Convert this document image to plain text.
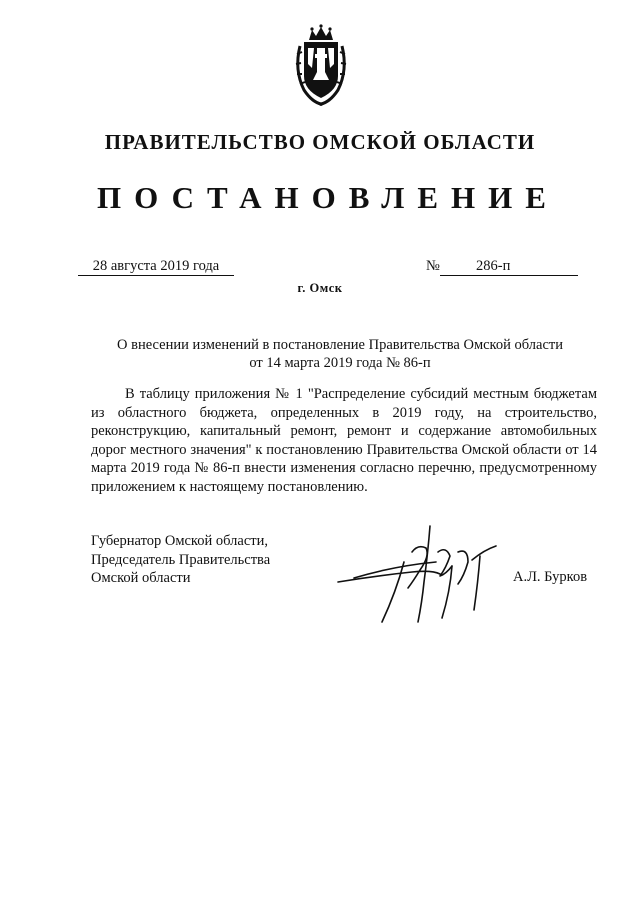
ПРАВИТЕЛЬСТВО ОМСКОЙ ОБЛАСТИ
ПОСТАНОВЛЕНИЕ
28 августа 2019 года	№	286-п
г. Омск
О внесении изменений в постановление Правительства Омской области
от 14 марта 2019 года № 86-п
В таблицу приложения № 1 "Распределение субсидий местным бюджетам из областного бюджета, определенных в 2019 году, на строительство, реконструкцию, капитальный ремонт, ремонт и содержание автомобильных дорог местного значения" к постановлению Правительства Омской области от 14 марта 2019 года № 86-п внести изменения согласно перечню, предусмотренному приложением к настоящему постановлению.
Губернатор Омской области,
Председатель Правительства
Омской области	А.Л. Бурков
